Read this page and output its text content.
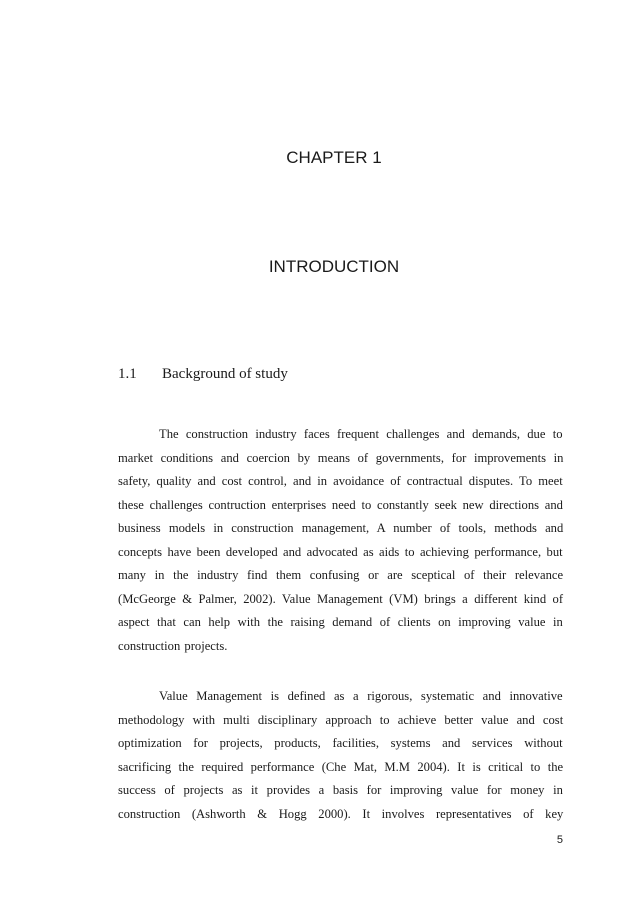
CHAPTER 1
INTRODUCTION
1.1 Background of study
The construction industry faces frequent challenges and demands, due to
market conditions and coercion by means of governments, for improvements in
safety, quality and cost control, and in avoidance of contractual disputes. To meet
these challenges contruction enterprises need to constantly seek new directions and
business models in construction management, A number of tools, methods and
concepts have been developed and advocated as aids to achieving performance, but
many in the industry find them confusing or are sceptical of their relevance
(McGeorge & Palmer, 2002). Value Management (VM) brings a different kind of
aspect that can help with the raising demand of clients on improving value in
construction projects.
Value Management is defined as a rigorous, systematic and innovative
methodology with multi disciplinary approach to achieve better value and cost
optimization for projects, products, facilities, systems and services without
sacrificing the required performance (Che Mat, M.M 2004). It is critical to the
success of projects as it provides a basis for improving value for money in
construction (Ashworth & Hogg 2000). It involves representatives of key
5
